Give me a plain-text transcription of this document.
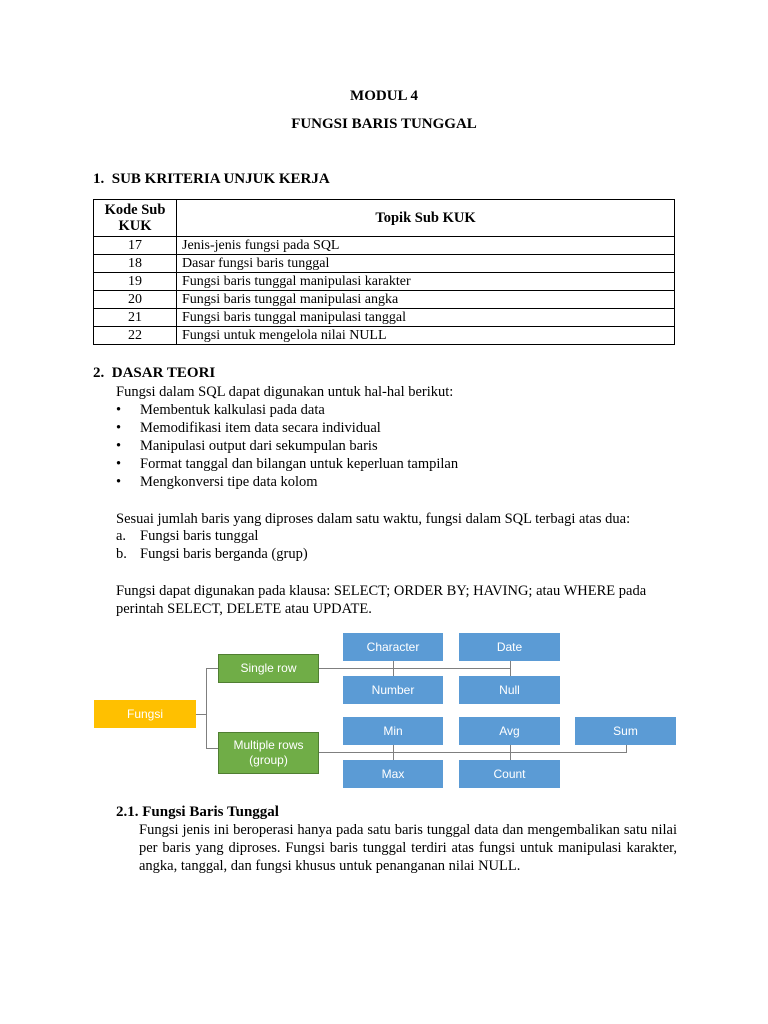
MODUL 4
FUNGSI BARIS TUNGGAL
1.  SUB KRITERIA UNJUK KERJA
Kode Sub KUK	Topik Sub KUK
17	Jenis-jenis fungsi pada SQL
18	Dasar fungsi baris tunggal
19	Fungsi baris tunggal manipulasi karakter
20	Fungsi baris tunggal manipulasi angka
21	Fungsi baris tunggal manipulasi tanggal
22	Fungsi untuk mengelola nilai NULL
2.  DASAR TEORI
Fungsi dalam SQL dapat digunakan untuk hal-hal berikut:
• Membentuk kalkulasi pada data
• Memodifikasi item data secara individual
• Manipulasi output dari sekumpulan baris
• Format tanggal dan bilangan untuk keperluan tampilan
• Mengkonversi tipe data kolom
Sesuai jumlah baris yang diproses dalam satu waktu, fungsi dalam SQL terbagi atas dua:
a. Fungsi baris tunggal
b. Fungsi baris berganda (grup)
Fungsi dapat digunakan pada klausa: SELECT; ORDER BY; HAVING; atau WHERE pada perintah SELECT, DELETE atau UPDATE.
Fungsi
Single row
Multiple rows (group)
Character	Date
Number	Null
Min	Avg	Sum
Max	Count
2.1. Fungsi Baris Tunggal
Fungsi jenis ini beroperasi hanya pada satu baris tunggal data dan mengembalikan satu nilai per baris yang diproses. Fungsi baris tunggal terdiri atas fungsi untuk manipulasi karakter, angka, tanggal, dan fungsi khusus untuk penanganan nilai NULL.
